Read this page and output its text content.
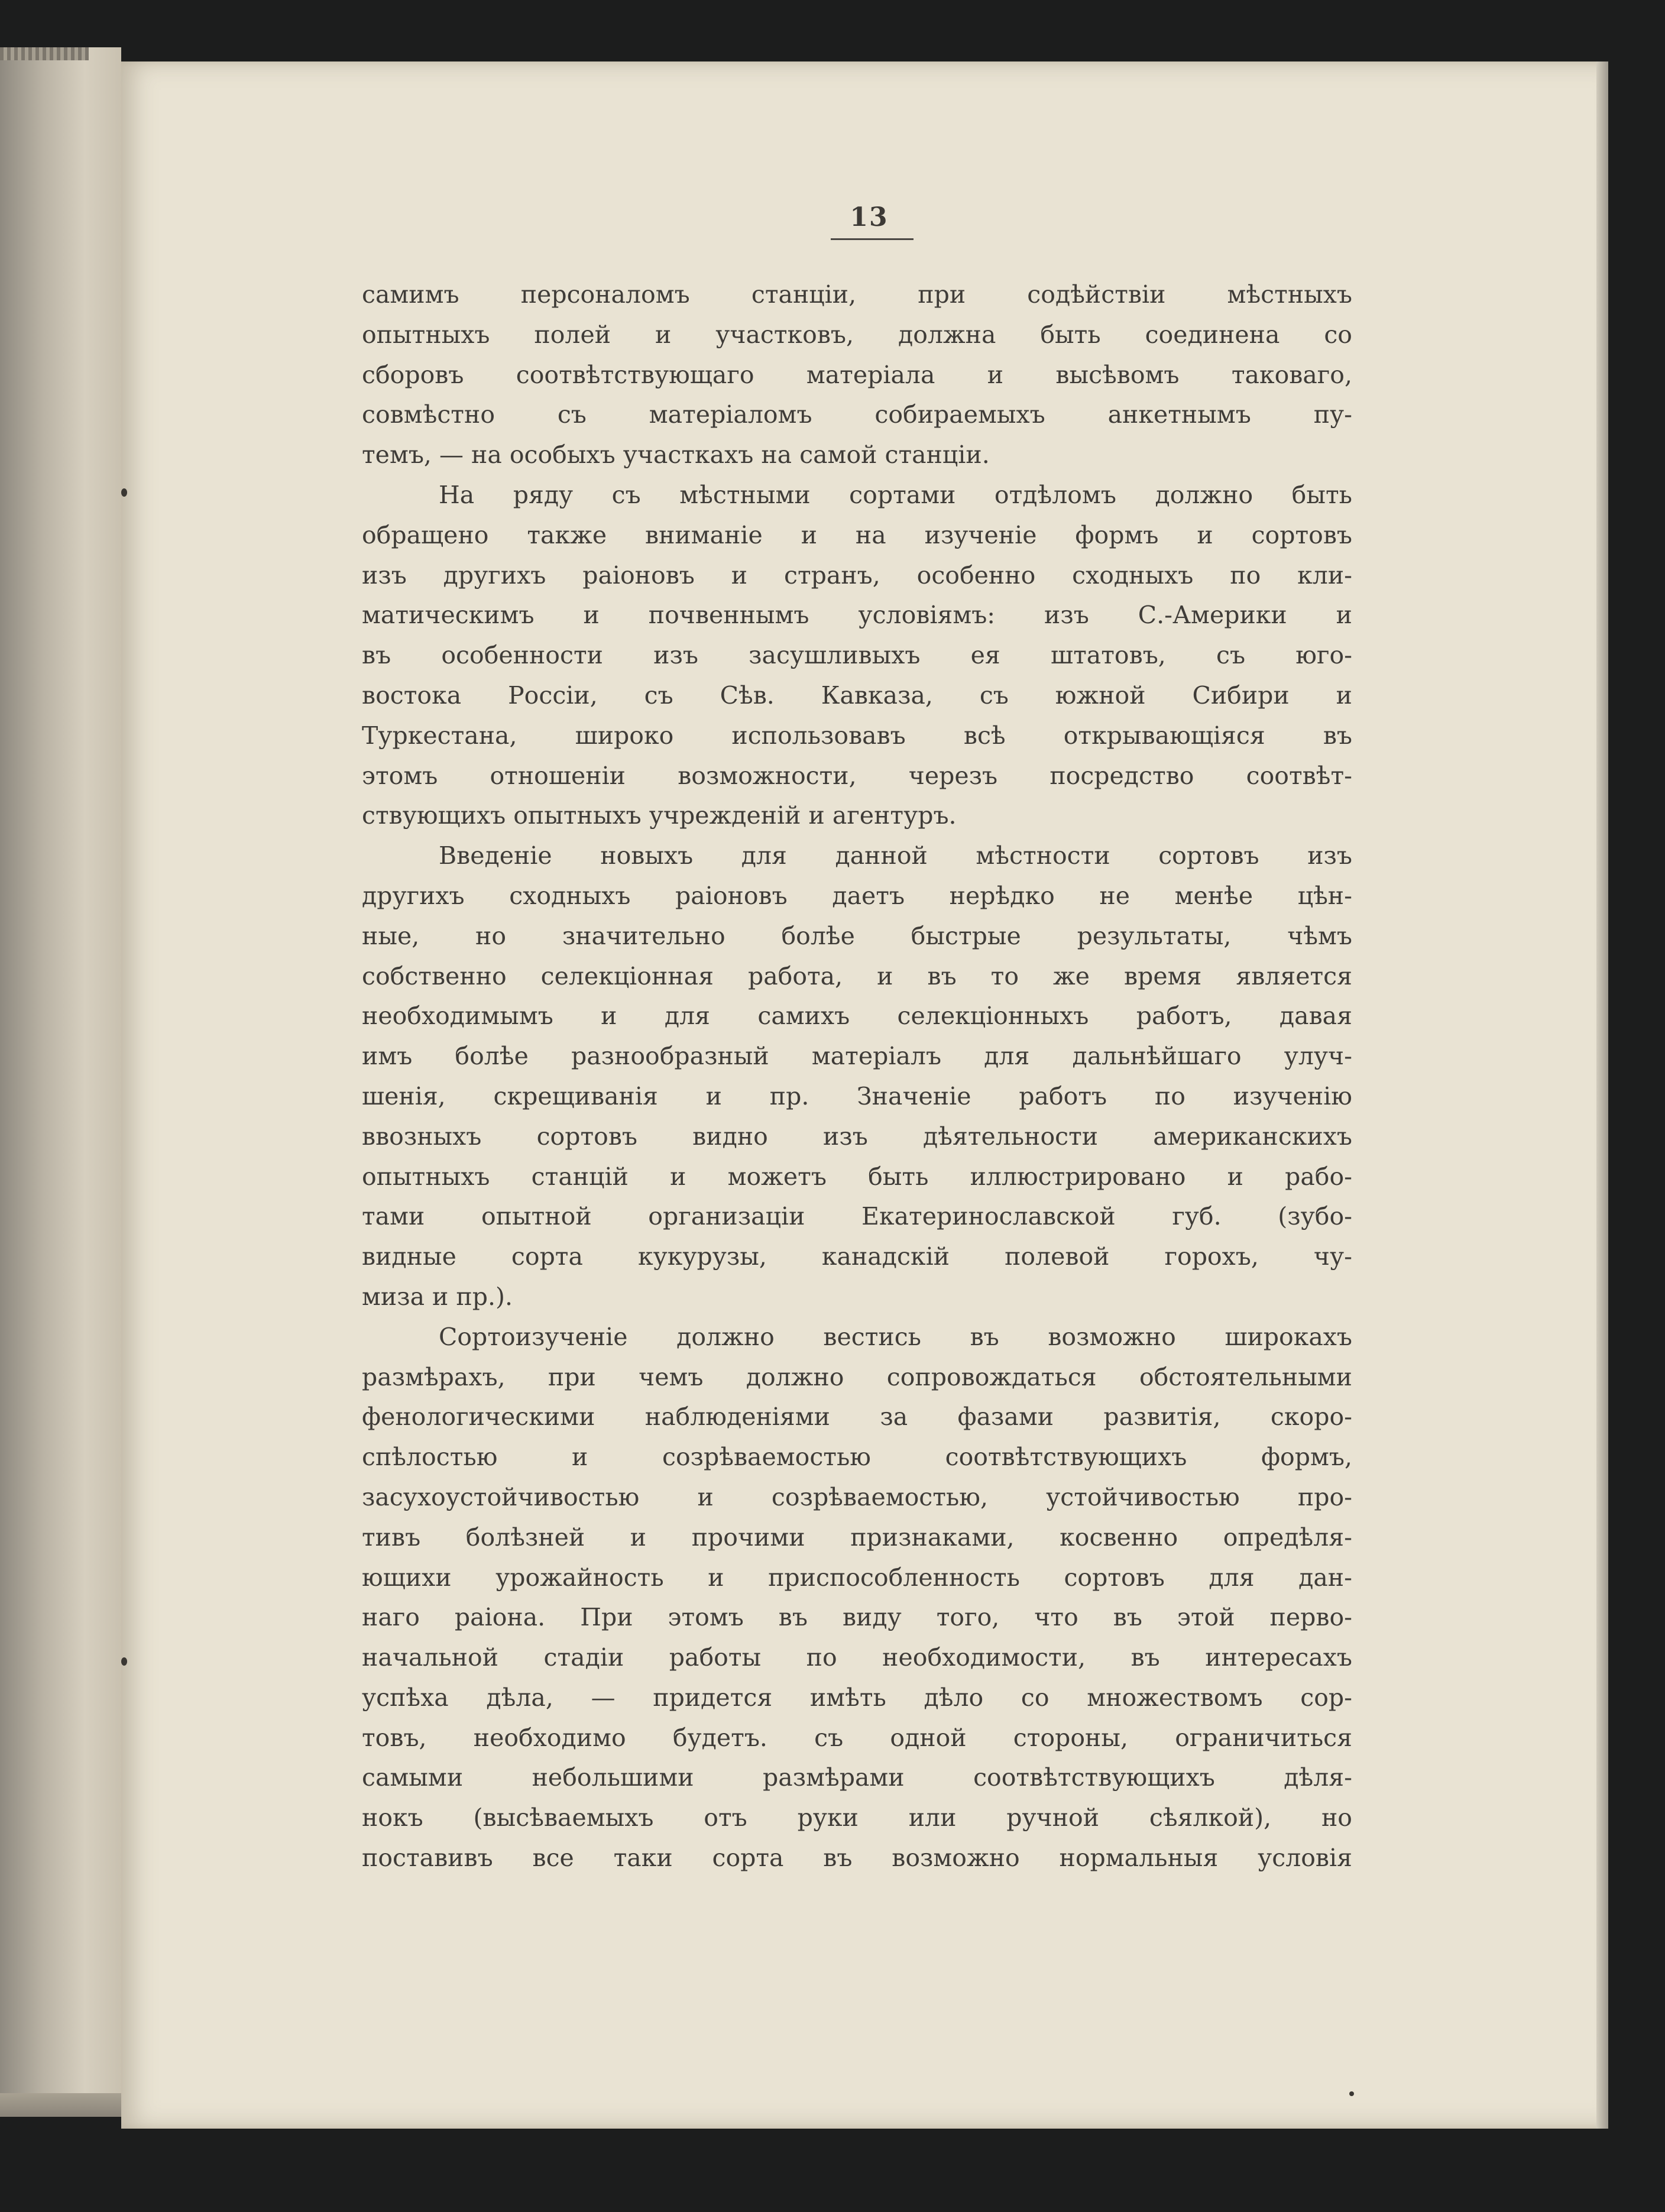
13
самимъ персоналомъ станціи, при содѣйствіи мѣстныхъ
опытныхъ полей и участковъ, должна быть соединена со
сборовъ соотвѣтствующаго матеріала и высѣвомъ таковаго,
совмѣстно съ матеріаломъ собираемыхъ анкетнымъ пу-
темъ, — на особыхъ участкахъ на самой станціи.
На ряду съ мѣстными сортами отдѣломъ должно быть
обращено также вниманіе и на изученіе формъ и сортовъ
изъ другихъ раіоновъ и странъ, особенно сходныхъ по кли-
матическимъ и почвеннымъ условіямъ: изъ С.-Америки и
въ особенности изъ засушливыхъ ея штатовъ, съ юго-
востока Россіи, съ Сѣв. Кавказа, съ южной Сибири и
Туркестана, широко использовавъ всѣ открывающіяся въ
этомъ отношеніи возможности, черезъ посредство соотвѣт-
ствующихъ опытныхъ учрежденій и агентуръ.
Введеніе новыхъ для данной мѣстности сортовъ изъ
другихъ сходныхъ раіоновъ даетъ нерѣдко не менѣе цѣн-
ные, но значительно болѣе быстрые результаты, чѣмъ
собственно селекціонная работа, и въ то же время является
необходимымъ и для самихъ селекціонныхъ работъ, давая
имъ болѣе разнообразный матеріалъ для дальнѣйшаго улуч-
шенія, скрещиванія и пр. Значеніе работъ по изученію
ввозныхъ сортовъ видно изъ дѣятельности американскихъ
опытныхъ станцій и можетъ быть иллюстрировано и рабо-
тами опытной организаціи Екатеринославской губ. (зубо-
видные сорта кукурузы, канадскій полевой горохъ, чу-
миза и пр.).
Сортоизученіе должно вестись въ возможно широкахъ
размѣрахъ, при чемъ должно сопровождаться обстоятельными
фенологическими наблюденіями за фазами развитія, скоро-
спѣлостью и созрѣваемостью соотвѣтствующихъ формъ,
засухоустойчивостью и созрѣваемостью, устойчивостью про-
тивъ болѣзней и прочими признаками, косвенно опредѣля-
ющихи урожайность и приспособленность сортовъ для дан-
наго раіона. При этомъ въ виду того, что въ этой перво-
начальной стадіи работы по необходимости, въ интересахъ
успѣха дѣла, — придется имѣть дѣло со множествомъ сор-
товъ, необходимо будетъ. съ одной стороны, ограничиться
самыми небольшими размѣрами соотвѣтствующихъ дѣля-
нокъ (высѣваемыхъ отъ руки или ручной сѣялкой), но
поставивъ все таки сорта въ возможно нормальныя условія
